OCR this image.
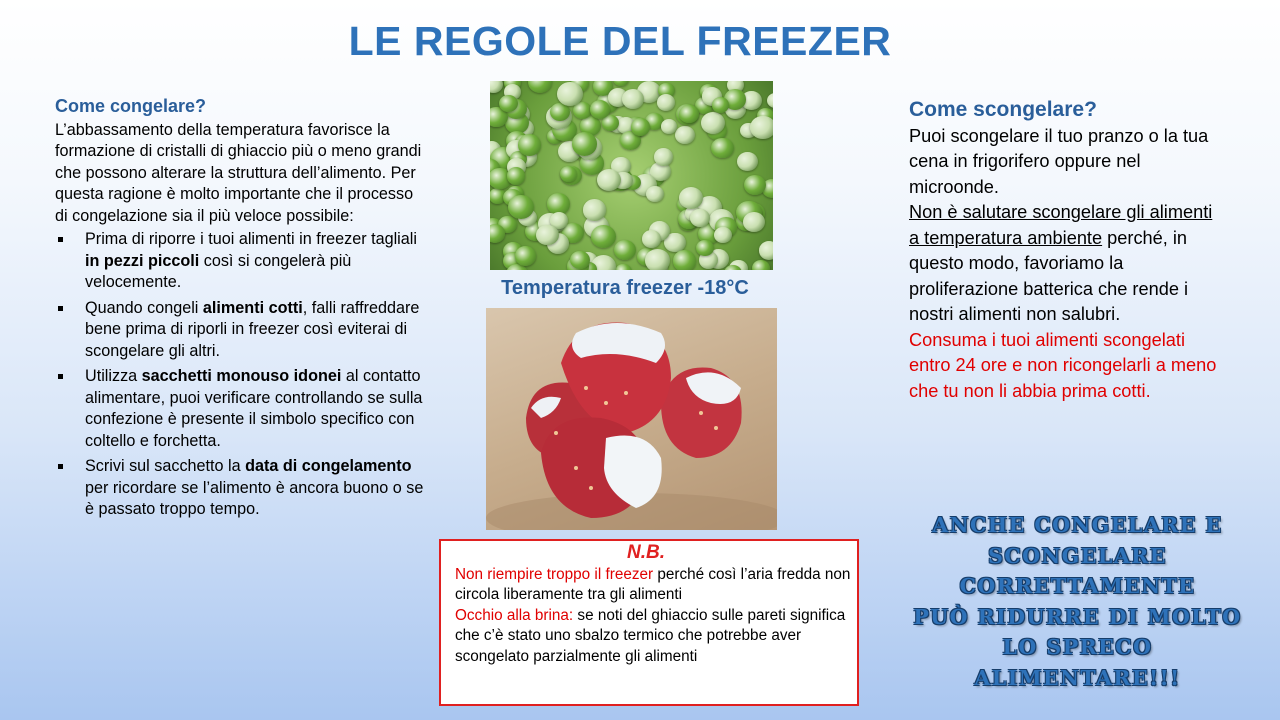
LE REGOLE DEL FREEZER
Come congelare?

L’abbassamento della temperatura favorisce la formazione di cristalli di ghiaccio più o meno grandi che possono alterare la struttura dell’alimento. Per questa ragione è molto importante che il processo di congelazione sia il più veloce possibile:

Prima di riporre i tuoi alimenti in freezer tagliali in pezzi piccoli così si congelerà più velocemente.
Quando congeli alimenti cotti, falli raffreddare bene prima di riporli in freezer così eviterai di scongelare gli altri.
Utilizza sacchetti monouso idonei al contatto alimentare, puoi verificare controllando se sulla confezione è presente il simbolo specifico con coltello e forchetta.
Scrivi sul sacchetto la data di congelamento per ricordare se l’alimento è ancora buono o se è passato troppo tempo.
Temperatura freezer -18°C
N.B.

Non riempire troppo il freezer perché così l’aria fredda non circola liberamente tra gli alimenti

Occhio alla brina: se noti del ghiaccio sulle pareti significa che c’è stato uno sbalzo termico che potrebbe aver scongelato parzialmente gli alimenti

Come scongelare?

Puoi scongelare il tuo pranzo o la tua cena in frigorifero oppure nel microonde.

Non è salutare scongelare gli alimenti a temperatura ambiente perché, in questo modo, favoriamo la proliferazione batterica che rende i nostri alimenti non salubri.

Consuma i tuoi alimenti scongelati entro 24 ore e non ricongelarli a meno che tu non li abbia prima cotti.

ANCHE CONGELARE E
SCONGELARE
CORRETTAMENTE
PUÒ RIDURRE DI MOLTO
LO SPRECO
ALIMENTARE!!!
